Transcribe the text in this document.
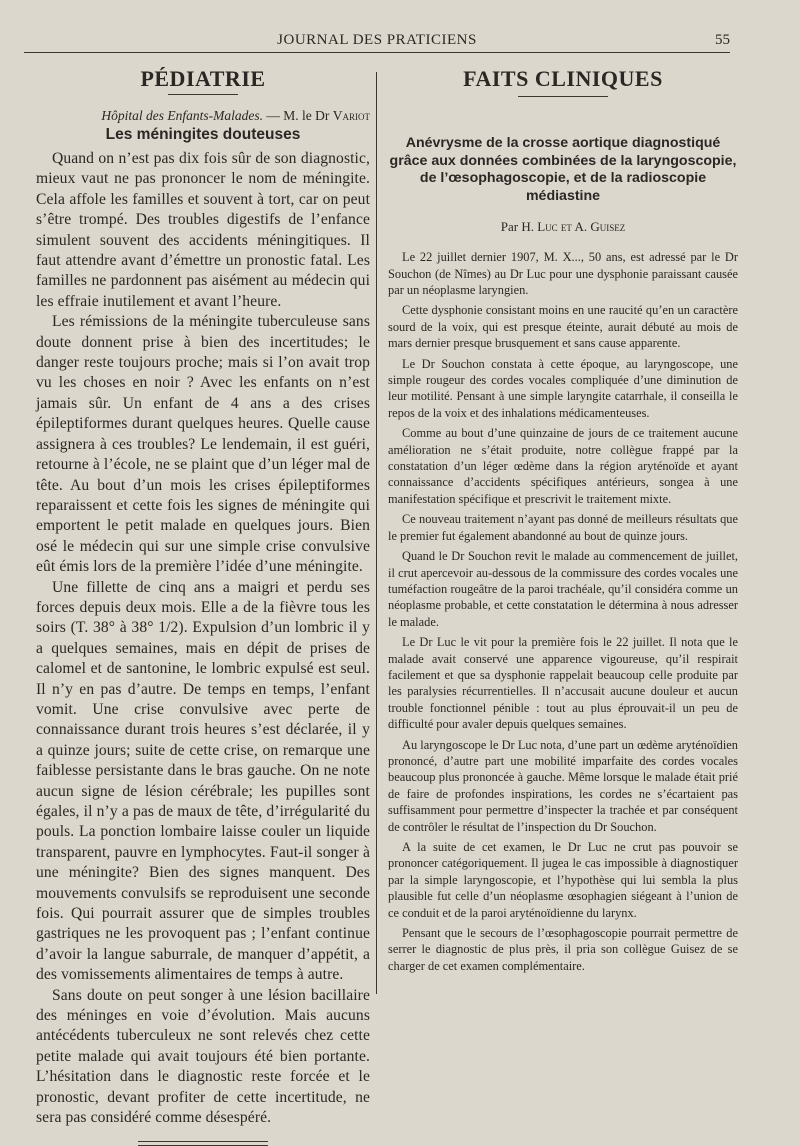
JOURNAL DES PRATICIENS	55
PÉDIATRIE
Hôpital des Enfants-Malades. — M. le Dr Variot
Les méningites douteuses

Quand on n’est pas dix fois sûr de son diagnostic, mieux vaut ne pas prononcer le nom de méningite. Cela affole les familles et souvent à tort, car on peut s’être trompé. Des troubles digestifs de l’enfance simulent souvent des accidents méningitiques. Il faut attendre avant d’émettre un pronostic fatal. Les familles ne pardonnent pas aisément au médecin qui les effraie inutilement et avant l’heure.

Les rémissions de la méningite tuberculeuse sans doute donnent prise à bien des incertitudes; le danger reste toujours proche; mais si l’on avait trop vu les choses en noir ? Avec les enfants on n’est jamais sûr. Un enfant de 4 ans a des crises épileptiformes durant quelques heures. Quelle cause assignera à ces troubles? Le lendemain, il est guéri, retourne à l’école, ne se plaint que d’un léger mal de tête. Au bout d’un mois les crises épileptiformes reparaissent et cette fois les signes de méningite qui emportent le petit malade en quelques jours. Bien osé le médecin qui sur une simple crise convulsive eût émis lors de la première l’idée d’une méningite.

Une fillette de cinq ans a maigri et perdu ses forces depuis deux mois. Elle a de la fièvre tous les soirs (T. 38° à 38° 1/2). Expulsion d’un lombric il y a quelques semaines, mais en dépit de prises de calomel et de santonine, le lombric expulsé est seul. Il n’y en pas d’autre. De temps en temps, l’enfant vomit. Une crise convulsive avec perte de connaissance durant trois heures s’est déclarée, il y a quinze jours; suite de cette crise, on remarque une faiblesse persistante dans le bras gauche. On ne note aucun signe de lésion cérébrale; les pupilles sont égales, il n’y a pas de maux de tête, d’irrégularité du pouls. La ponction lombaire laisse couler un liquide transparent, pauvre en lymphocytes. Faut-il songer à une méningite? Bien des signes manquent. Des mouvements convulsifs se reproduisent une seconde fois. Qui pourrait assurer que de simples troubles gastriques ne les provoquent pas ; l’enfant continue d’avoir la langue saburrale, de manquer d’appétit, a des vomissements alimentaires de temps à autre.

Sans doute on peut songer à une lésion bacillaire des méninges en voie d’évolution. Mais aucuns antécédents tuberculeux ne sont relevés chez cette petite malade qui avait toujours été bien portante. L’hésitation dans le diagnostic reste forcée et le pronostic, devant profiter de cette incertitude, ne sera pas considéré comme désespéré.

FAITS CLINIQUES
Anévrysme de la crosse aortique diagnostiqué grâce aux données combinées de la laryngoscopie, de l’œsophagoscopie, et de la radioscopie médiastine
Par H. Luc et A. Guisez

Le 22 juillet dernier 1907, M. X..., 50 ans, est adressé par le Dr Souchon (de Nîmes) au Dr Luc pour une dysphonie paraissant causée par un néoplasme laryngien.

Cette dysphonie consistant moins en une raucité qu’en un caractère sourd de la voix, qui est presque éteinte, aurait débuté au mois de mars dernier presque brusquement et sans cause apparente.

Le Dr Souchon constata à cette époque, au laryngoscope, une simple rougeur des cordes vocales compliquée d’une diminution de leur motilité. Pensant à une simple laryngite catarrhale, il conseilla le repos de la voix et des inhalations médicamenteuses.

Comme au bout d’une quinzaine de jours de ce traitement aucune amélioration ne s’était produite, notre collègue frappé par la constatation d’un léger œdème dans la région aryténoïde et ayant connaissance d’accidents spécifiques antérieurs, songea à une manifestation spécifique et prescrivit le traitement mixte.

Ce nouveau traitement n’ayant pas donné de meilleurs résultats que le premier fut également abandonné au bout de quinze jours.

Quand le Dr Souchon revit le malade au commencement de juillet, il crut apercevoir au-dessous de la commissure des cordes vocales une tuméfaction rougeâtre de la paroi trachéale, qu’il considéra comme un néoplasme probable, et cette constatation le détermina à nous adresser le malade.

Le Dr Luc le vit pour la première fois le 22 juillet. Il nota que le malade avait conservé une apparence vigoureuse, qu’il respirait facilement et que sa dysphonie rappelait beaucoup celle produite par les paralysies récurrentielles. Il n’accusait aucune douleur et aucun trouble fonctionnel pénible : tout au plus éprouvait-il un peu de difficulté pour avaler depuis quelques semaines.

Au laryngoscope le Dr Luc nota, d’une part un œdème aryténoïdien prononcé, d’autre part une mobilité imparfaite des cordes vocales beaucoup plus prononcée à gauche. Même lorsque le malade était prié de faire de profondes inspirations, les cordes ne s’écartaient pas suffisamment pour permettre d’inspecter la trachée et par conséquent de contrôler le résultat de l’inspection du Dr Souchon.

A la suite de cet examen, le Dr Luc ne crut pas pouvoir se prononcer catégoriquement. Il jugea le cas impossible à diagnostiquer par la simple laryngoscopie, et l’hypothèse qui lui sembla la plus plausible fut celle d’un néoplasme œsophagien siégeant à l’union de ce conduit et de la paroi aryténoïdienne du larynx.

Pensant que le secours de l’œsophagoscopie pourrait permettre de serrer le diagnostic de plus près, il pria son collègue Guisez de se charger de cet examen complémentaire.
